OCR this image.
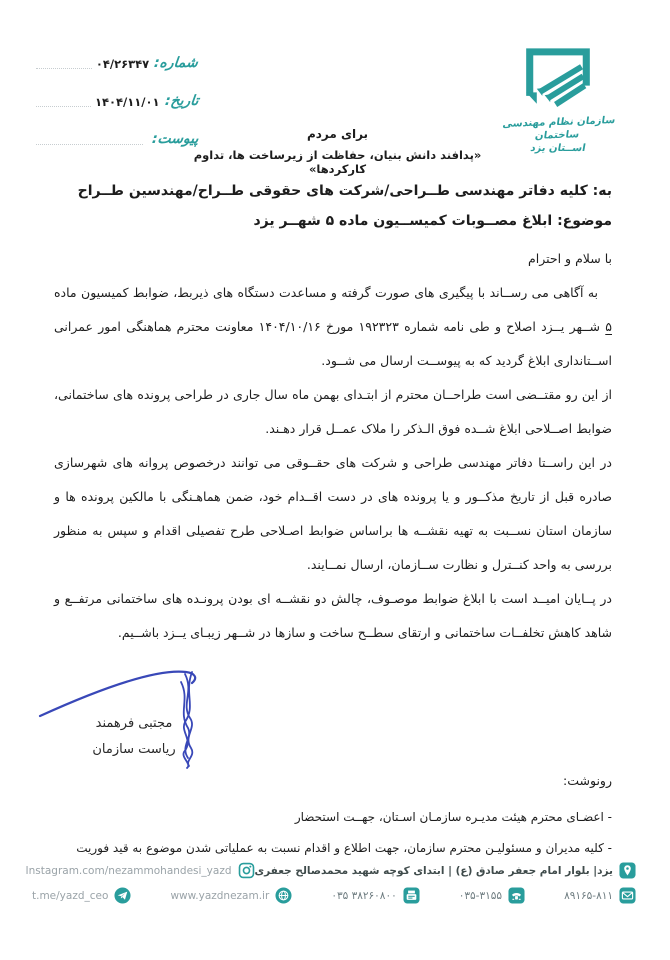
شماره:
۰۴/۲۶۳۴۷
تاریخ:
۱۴۰۴/۱۱/۰۱
پیوست:
سازمان نظام مهندسی ساختمان
اســتان یزد
برای مردم
«پدافند دانش بنیان، حفاظت از زیرساخت ها، تداوم کارکردها»
به: کلیه دفاتر مهندسی طــراحی/شرکت های حقوقی طــراح/مهندسین طــراح
موضوع: ابلاغ مصــوبات کمیســیون ماده ۵ شهــر یزد

با سلام و احترام

به آگاهی می رســاند با پیگیری های صورت گرفته و مساعدت دستگاه های ذیربط، ضوابط کمیسیون ماده ۵ شــهر یــزد اصلاح و طی نامه شماره ۱۹۲۳۲۳ مورخ ۱۴۰۴/۱۰/۱۶ معاونت محترم هماهنگی امور عمرانی اســتانداری ابلاغ گردید که به پیوســت ارسال می شــود.

از این رو مقتــضی است طراحــان محترم از ابتـدای بهمن ماه سال جاری در طراحی پرونده های ساختمانی، ضوابط اصــلاحی ابلاغ شــده فوق الـذکر را ملاک عمــل قرار دهـند.

در این راســتا دفاتر مهندسی طراحی و شرکت های حقــوقی می توانند درخصوص پروانه های شهرسازی صادره قبل از تاریخ مذکــور و یا پرونده های در دست اقــدام خود، ضمن هماهـنگی با مالکین پرونده ها و سازمان استان نســبت به تهیه نقشــه ها براساس ضوابط اصـلاحی طرح تفصیلی اقدام و سپس به منظور بررسی به واحد کنــترل و نظارت ســازمان، ارسال نمــایند.

در پــایان امیــد است با ابلاغ ضوابط موصـوف، چالش دو نقشــه ای بودن پرونـده های ساختمانی مرتفــع و شاهد کاهش تخلفــات ساختمانی و ارتقای سطــح ساخت و سازها در شــهر زیبـای یــزد باشــیم.

مجتبی فرهمند
ریاست سازمان
رونوشت:
- اعضـای محترم هیئت مدیـره سازمـان اسـتان، جهــت استحضار
- کلیه مدیران و مسئولیـن محترم سازمان، جهت اطلاع و اقدام نسبت به عملیاتی شدن موضوع به قید فوریت
یزد| بلوار امام جعفر صادق (ع) | ابتدای کوچه شهید محمدصالح جعفری
Instagram.com/nezammohandesi_yazd
۸۹۱۶۵-۸۱۱
۰۳۵-۳۱۵۵
۰۳۵ ۳۸۲۶۰۸۰۰
www.yazdnezam.ir
t.me/yazd_ceo
